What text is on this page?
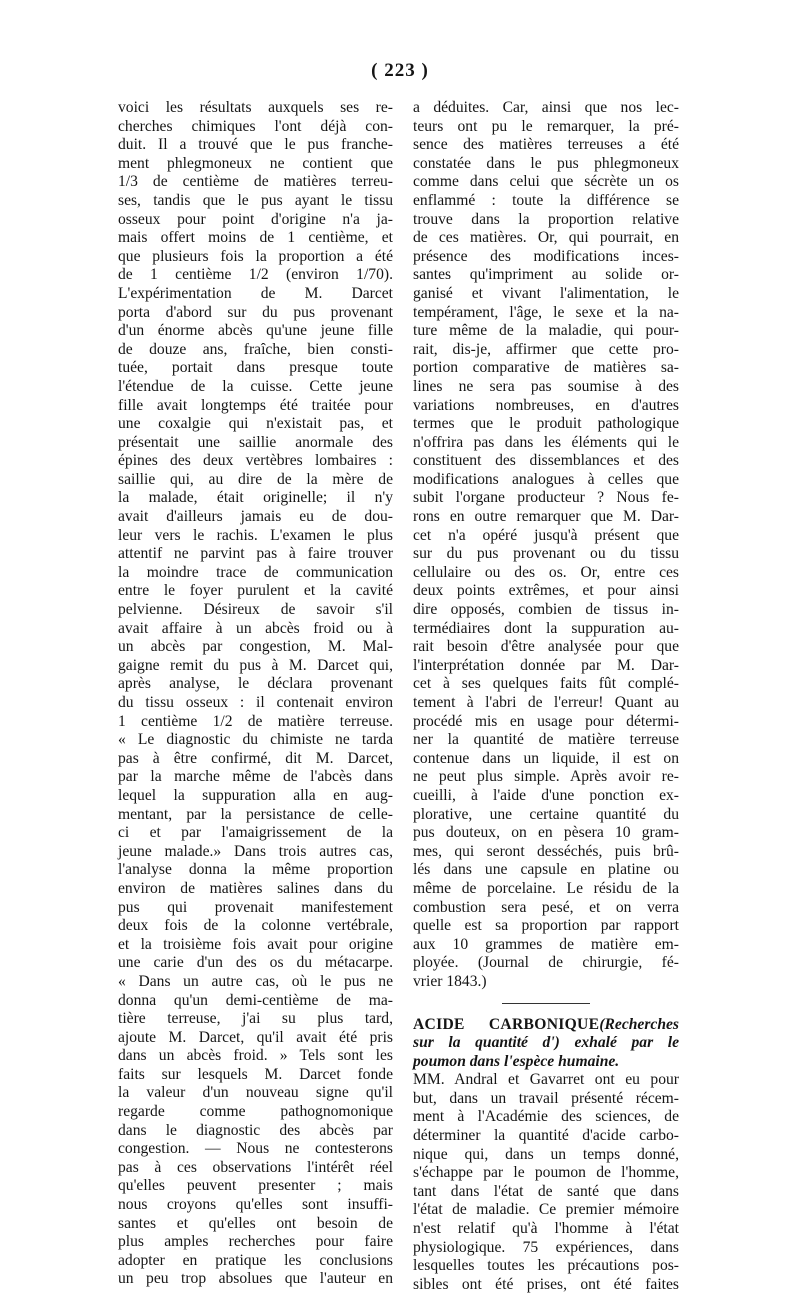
( 223 )
voici les résultats auxquels ses re-
cherches chimiques l'ont déjà con-
duit. Il a trouvé que le pus franche-
ment phlegmoneux ne contient que
1/3 de centième de matières terreu-
ses, tandis que le pus ayant le tissu
osseux pour point d'origine n'a ja-
mais offert moins de 1 centième, et
que plusieurs fois la proportion a été
de 1 centième 1/2 (environ 1/70).
L'expérimentation de M. Darcet
porta d'abord sur du pus provenant
d'un énorme abcès qu'une jeune fille
de douze ans, fraîche, bien consti-
tuée, portait dans presque toute
l'étendue de la cuisse. Cette jeune
fille avait longtemps été traitée pour
une coxalgie qui n'existait pas, et
présentait une saillie anormale des
épines des deux vertèbres lombaires :
saillie qui, au dire de la mère de
la malade, était originelle; il n'y
avait d'ailleurs jamais eu de dou-
leur vers le rachis. L'examen le plus
attentif ne parvint pas à faire trouver
la moindre trace de communication
entre le foyer purulent et la cavité
pelvienne. Désireux de savoir s'il
avait affaire à un abcès froid ou à
un abcès par congestion, M. Mal-
gaigne remit du pus à M. Darcet qui,
après analyse, le déclara provenant
du tissu osseux : il contenait environ
1 centième 1/2 de matière terreuse.
« Le diagnostic du chimiste ne tarda
pas à être confirmé, dit M. Darcet,
par la marche même de l'abcès dans
lequel la suppuration alla en aug-
mentant, par la persistance de celle-
ci et par l'amaigrissement de la
jeune malade.» Dans trois autres cas,
l'analyse donna la même proportion
environ de matières salines dans du
pus qui provenait manifestement
deux fois de la colonne vertébrale,
et la troisième fois avait pour origine
une carie d'un des os du métacarpe.
« Dans un autre cas, où le pus ne
donna qu'un demi-centième de ma-
tière terreuse, j'ai su plus tard,
ajoute M. Darcet, qu'il avait été pris
dans un abcès froid. » Tels sont les
faits sur lesquels M. Darcet fonde
la valeur d'un nouveau signe qu'il
regarde comme pathognomonique
dans le diagnostic des abcès par
congestion. — Nous ne contesterons
pas à ces observations l'intérêt réel
qu'elles peuvent presenter ; mais
nous croyons qu'elles sont insuffi-
santes et qu'elles ont besoin de
plus amples recherches pour faire
adopter en pratique les conclusions
un peu trop absolues que l'auteur en
a déduites. Car, ainsi que nos lec-
teurs ont pu le remarquer, la pré-
sence des matières terreuses a été
constatée dans le pus phlegmoneux
comme dans celui que sécrète un os
enflammé : toute la différence se
trouve dans la proportion relative
de ces matières. Or, qui pourrait, en
présence des modifications inces-
santes qu'impriment au solide or-
ganisé et vivant l'alimentation, le
tempérament, l'âge, le sexe et la na-
ture même de la maladie, qui pour-
rait, dis-je, affirmer que cette pro-
portion comparative de matières sa-
lines ne sera pas soumise à des
variations nombreuses, en d'autres
termes que le produit pathologique
n'offrira pas dans les éléments qui le
constituent des dissemblances et des
modifications analogues à celles que
subit l'organe producteur ? Nous fe-
rons en outre remarquer que M. Dar-
cet n'a opéré jusqu'à présent que
sur du pus provenant ou du tissu
cellulaire ou des os. Or, entre ces
deux points extrêmes, et pour ainsi
dire opposés, combien de tissus in-
termédiaires dont la suppuration au-
rait besoin d'être analysée pour que
l'interprétation donnée par M. Dar-
cet à ses quelques faits fût complé-
tement à l'abri de l'erreur! Quant au
procédé mis en usage pour détermi-
ner la quantité de matière terreuse
contenue dans un liquide, il est on
ne peut plus simple. Après avoir re-
cueilli, à l'aide d'une ponction ex-
plorative, une certaine quantité du
pus douteux, on en pèsera 10 gram-
mes, qui seront desséchés, puis brû-
lés dans une capsule en platine ou
même de porcelaine. Le résidu de la
combustion sera pesé, et on verra
quelle est sa proportion par rapport
aux 10 grammes de matière em-
ployée. (Journal de chirurgie, fé-
vrier 1843.)
ACIDE CARBONIQUE(Recherches
sur la quantité d') exhalé par le
poumon dans l'espèce humaine.
MM. Andral et Gavarret ont eu pour
but, dans un travail présenté récem-
ment à l'Académie des sciences, de
déterminer la quantité d'acide carbo-
nique qui, dans un temps donné,
s'échappe par le poumon de l'homme,
tant dans l'état de santé que dans
l'état de maladie. Ce premier mémoire
n'est relatif qu'à l'homme à l'état
physiologique. 75 expériences, dans
lesquelles toutes les précautions pos-
sibles ont été prises, ont été faites
